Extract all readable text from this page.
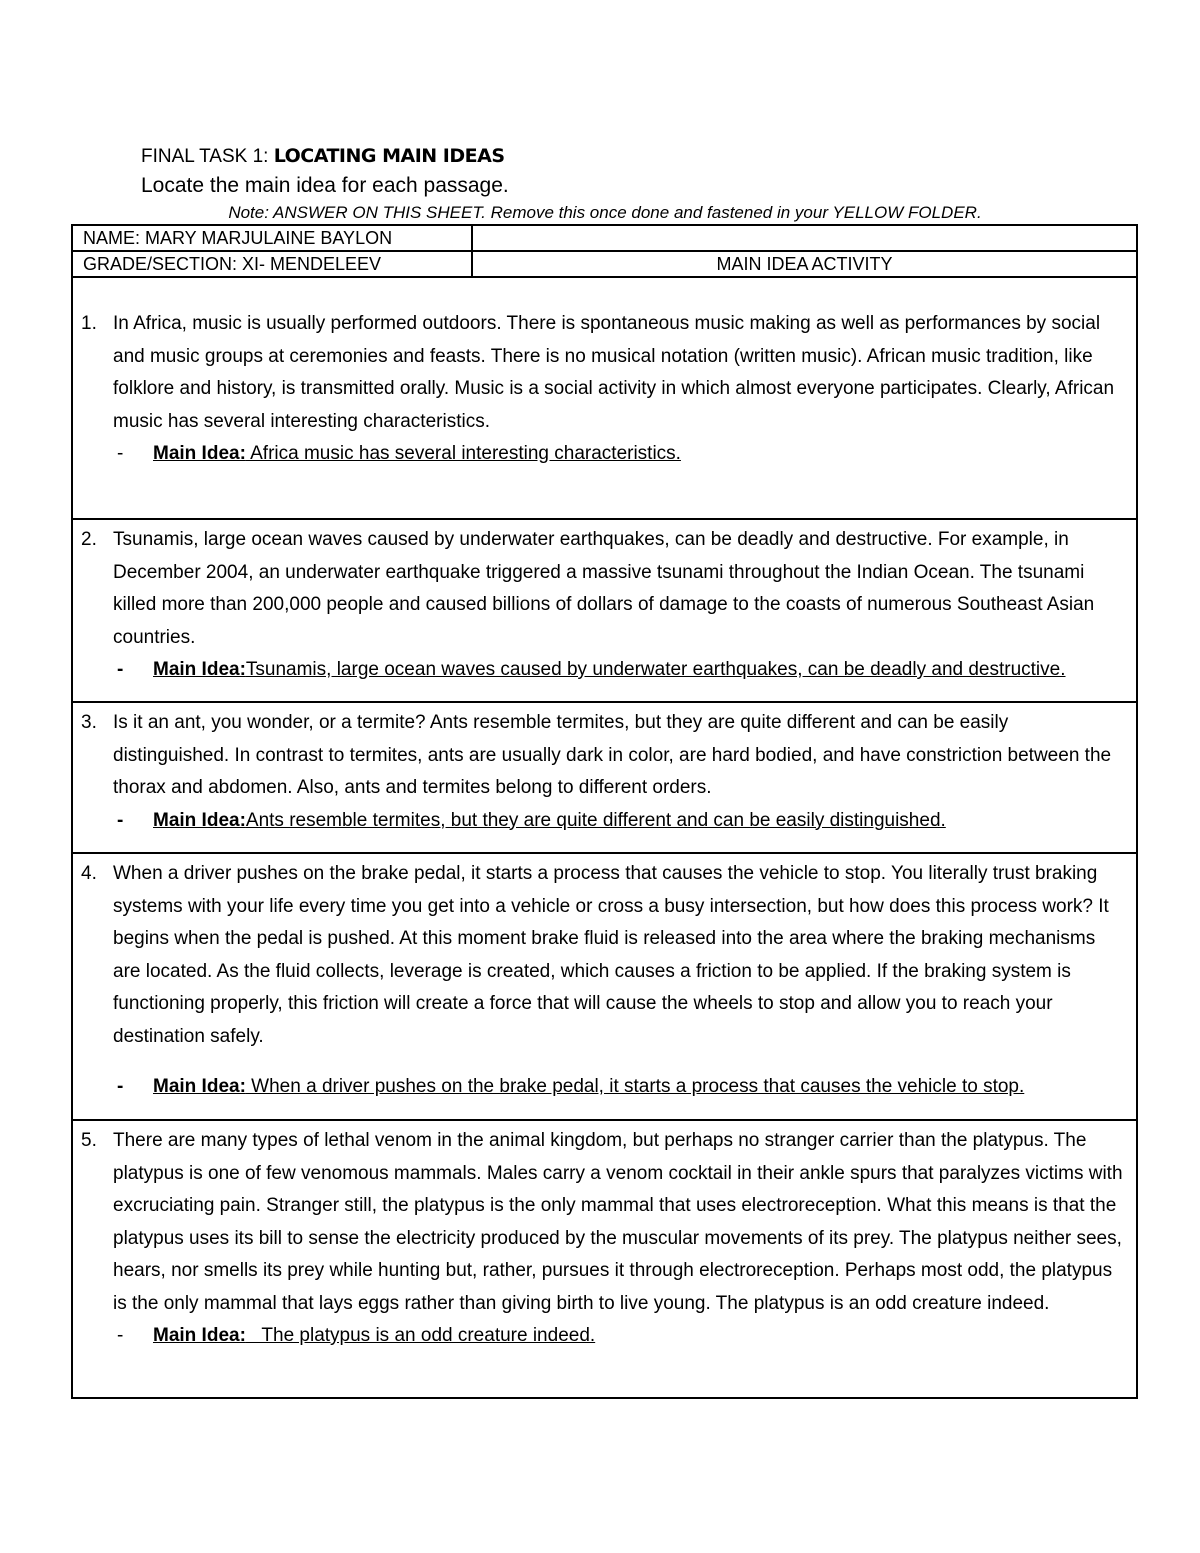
FINAL TASK 1: LOCATING MAIN IDEAS
Locate the main idea for each passage.
Note: ANSWER ON THIS SHEET. Remove this once done and fastened in your YELLOW FOLDER.
NAME: MARY MARJULAINE BAYLON	
GRADE/SECTION: XI- MENDELEEV	MAIN IDEA ACTIVITY
1. In Africa, music is usually performed outdoors. There is spontaneous music making as well as performances by social and music groups at ceremonies and feasts. There is no musical notation (written music). African music tradition, like folklore and history, is transmitted orally. Music is a social activity in which almost everyone participates. Clearly, African music has several interesting characteristics.
- Main Idea: Africa music has several interesting characteristics.

2. Tsunamis, large ocean waves caused by underwater earthquakes, can be deadly and destructive. For example, in December 2004, an underwater earthquake triggered a massive tsunami throughout the Indian Ocean. The tsunami killed more than 200,000 people and caused billions of dollars of damage to the coasts of numerous Southeast Asian countries.
- Main Idea:Tsunamis, large ocean waves caused by underwater earthquakes, can be deadly and destructive.

3. Is it an ant, you wonder, or a termite? Ants resemble termites, but they are quite different and can be easily distinguished. In contrast to termites, ants are usually dark in color, are hard bodied, and have constriction between the thorax and abdomen. Also, ants and termites belong to different orders.
- Main Idea:Ants resemble termites, but they are quite different and can be easily distinguished.

4. When a driver pushes on the brake pedal, it starts a process that causes the vehicle to stop. You literally trust braking systems with your life every time you get into a vehicle or cross a busy intersection, but how does this process work? It begins when the pedal is pushed. At this moment brake fluid is released into the area where the braking mechanisms are located. As the fluid collects, leverage is created, which causes a friction to be applied. If the braking system is functioning properly, this friction will create a force that will cause the wheels to stop and allow you to reach your destination safely.
- Main Idea: When a driver pushes on the brake pedal, it starts a process that causes the vehicle to stop.

5. There are many types of lethal venom in the animal kingdom, but perhaps no stranger carrier than the platypus. The platypus is one of few venomous mammals. Males carry a venom cocktail in their ankle spurs that paralyzes victims with excruciating pain. Stranger still, the platypus is the only mammal that uses electroreception. What this means is that the platypus uses its bill to sense the electricity produced by the muscular movements of its prey. The platypus neither sees, hears, nor smells its prey while hunting but, rather, pursues it through electroreception. Perhaps most odd, the platypus is the only mammal that lays eggs rather than giving birth to live young. The platypus is an odd creature indeed.
- Main Idea:   The platypus is an odd creature indeed.
